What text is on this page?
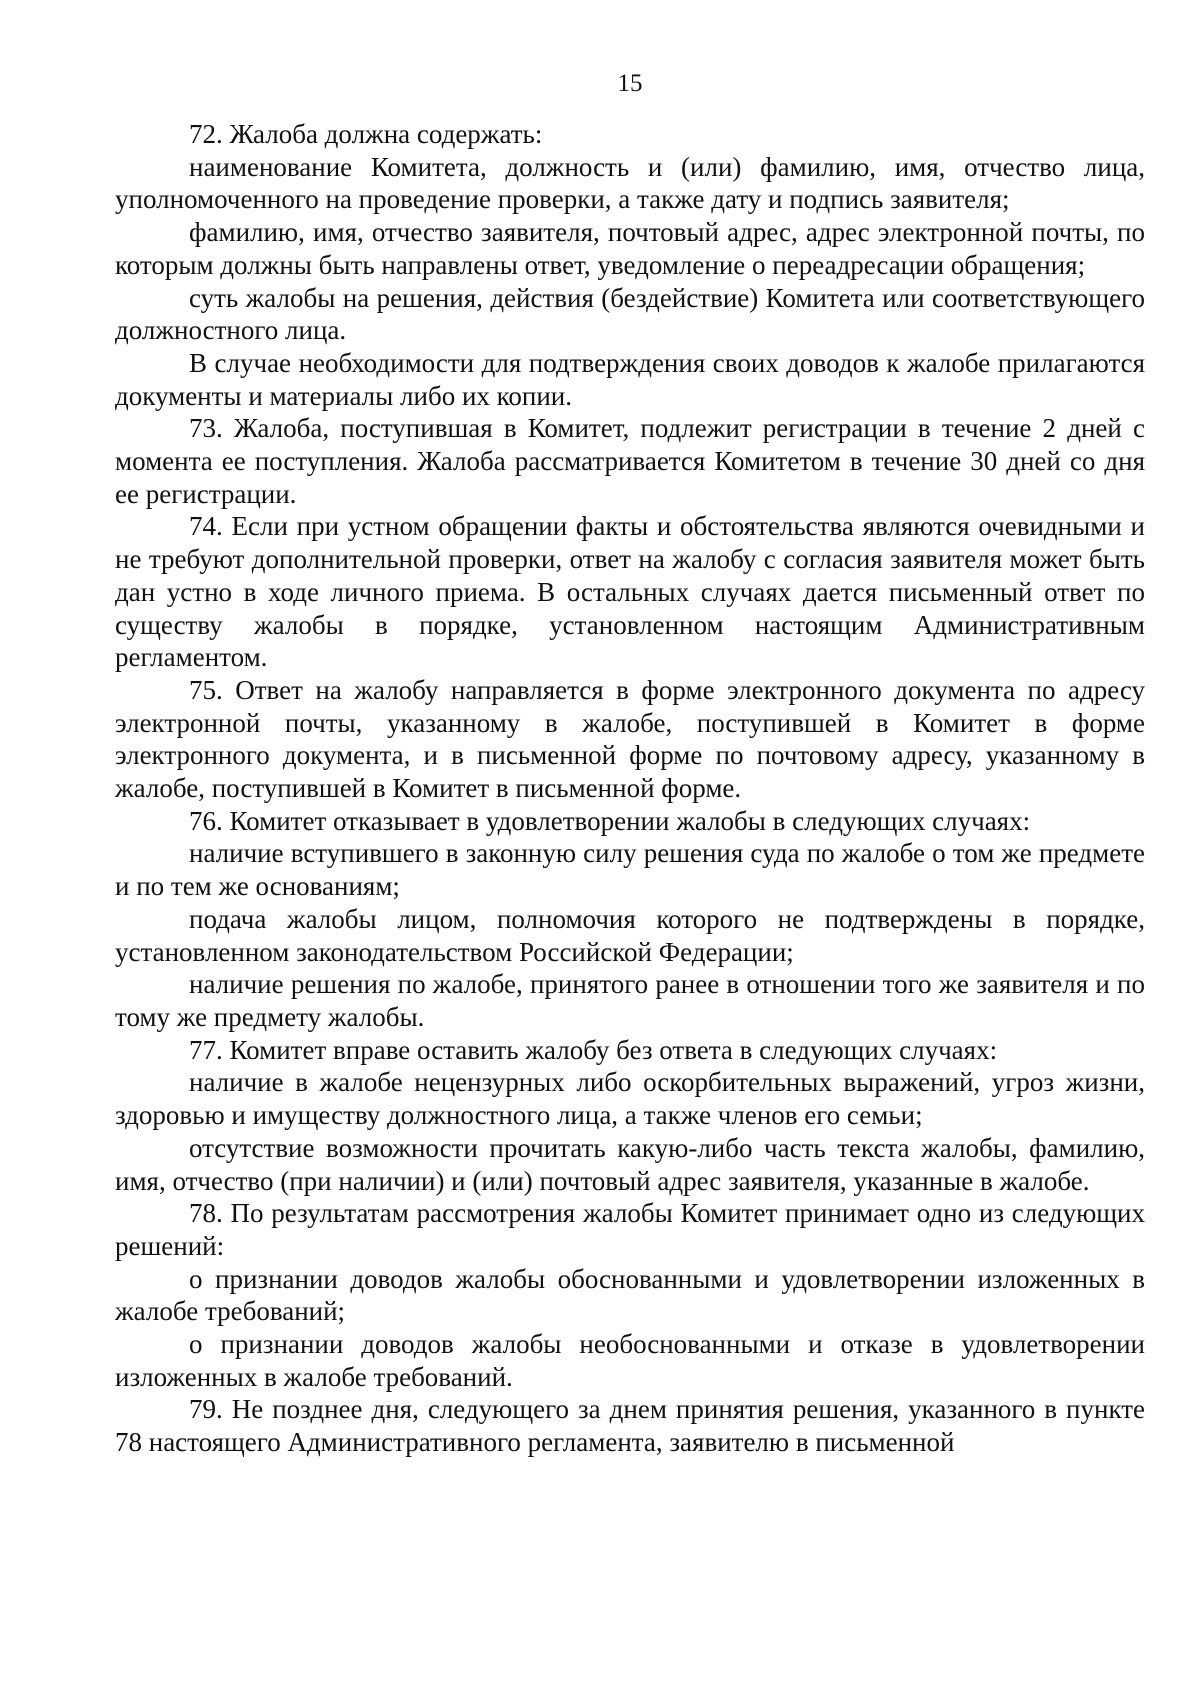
15

72. Жалоба должна содержать:

наименование Комитета, должность и (или) фамилию, имя, отчество лица, уполномоченного на проведение проверки, а также дату и подпись заявителя;

фамилию, имя, отчество заявителя, почтовый адрес, адрес электронной почты, по которым должны быть направлены ответ, уведомление о переадресации обращения;

суть жалобы на решения, действия (бездействие) Комитета или соответствующего должностного лица.

В случае необходимости для подтверждения своих доводов к жалобе прилагаются документы и материалы либо их копии.

73. Жалоба, поступившая в Комитет, подлежит регистрации в течение 2 дней с момента ее поступления. Жалоба рассматривается Комитетом в течение 30 дней со дня ее регистрации.

74. Если при устном обращении факты и обстоятельства являются очевидными и не требуют дополнительной проверки, ответ на жалобу с согласия заявителя может быть дан устно в ходе личного приема. В остальных случаях дается письменный ответ по существу жалобы в порядке, установленном настоящим Административным регламентом.

75. Ответ на жалобу направляется в форме электронного документа по адресу электронной почты, указанному в жалобе, поступившей в Комитет в форме электронного документа, и в письменной форме по почтовому адресу, указанному в жалобе, поступившей в Комитет в письменной форме.

76. Комитет отказывает в удовлетворении жалобы в следующих случаях:

наличие вступившего в законную силу решения суда по жалобе о том же предмете и по тем же основаниям;

подача жалобы лицом, полномочия которого не подтверждены в порядке, установленном законодательством Российской Федерации;

наличие решения по жалобе, принятого ранее в отношении того же заявителя и по тому же предмету жалобы.

77. Комитет вправе оставить жалобу без ответа в следующих случаях:

наличие в жалобе нецензурных либо оскорбительных выражений, угроз жизни, здоровью и имуществу должностного лица, а также членов его семьи;

отсутствие возможности прочитать какую-либо часть текста жалобы, фамилию, имя, отчество (при наличии) и (или) почтовый адрес заявителя, указанные в жалобе.

78. По результатам рассмотрения жалобы Комитет принимает одно из следующих решений:

о признании доводов жалобы обоснованными и удовлетворении изложенных в жалобе требований;

о признании доводов жалобы необоснованными и отказе в удовлетворении изложенных в жалобе требований.

79. Не позднее дня, следующего за днем принятия решения, указанного в пункте 78 настоящего Административного регламента, заявителю в письменной
